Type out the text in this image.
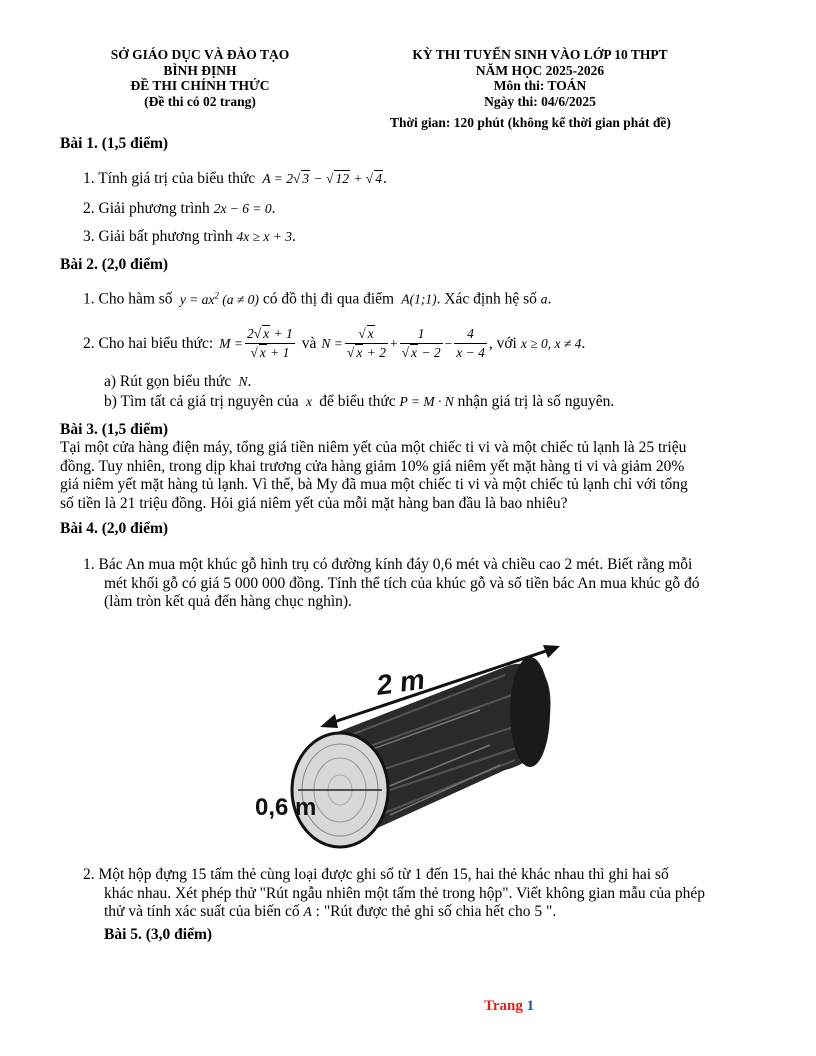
SỞ GIÁO DỤC VÀ ĐÀO TẠO
BÌNH ĐỊNH
ĐỀ THI CHÍNH THỨC
(Đề thi có 02 trang)
KỲ THI TUYỂN SINH VÀO LỚP 10 THPT
NĂM HỌC 2025-2026
Môn thi: TOÁN
Ngày thi: 04/6/2025
Thời gian: 120 phút (không kể thời gian phát đề)
Bài 1. (1,5 điểm)
1. Tính giá trị của biểu thức  A = 2√ 3 − √ 12 + √ 4.
2. Giải phương trình 2x − 6 = 0.
3. Giải bất phương trình 4x ≥ x + 3.
Bài 2. (2,0 điểm)
1. Cho hàm số  $y = ax^2$ (a ≠ 0) có đồ thị đi qua điểm  A(1;1). Xác định hệ số a.
2. Cho hai biểu thức: $M = \frac{2√ x + 1}{√ x + 1}$ và $N = \frac{√ x}{√ x + 2} + \frac{1}{√ x - 2} - \frac{4}{x - 4}$ , với x ≥ 0, x ≠ 4 .
a) Rút gọn biểu thức  N.
b) Tìm tất cả giá trị nguyên của  x  để biểu thức P = M · N nhận giá trị là số nguyên.
Bài 3. (1,5 điểm)
Tại một cửa hàng điện máy, tổng giá tiền niêm yết của một chiếc ti vi và một chiếc tủ lạnh là 25 triệu
đồng. Tuy nhiên, trong dịp khai trương cửa hàng giảm 10% giá niêm yết mặt hàng ti vi và giảm 20%
giá niêm yết mặt hàng tủ lạnh. Vì thế, bà My đã mua một chiếc ti vi và một chiếc tủ lạnh chỉ với tổng
số tiền là 21 triệu đồng. Hỏi giá niêm yết của mỗi mặt hàng ban đầu là bao nhiêu?
Bài 4. (2,0 điểm)
1. Bác An mua một khúc gỗ hình trụ có đường kính đáy 0,6 mét và chiều cao 2 mét. Biết rằng mỗi
mét khối gỗ có giá 5 000 000 đồng. Tính thể tích của khúc gỗ và số tiền bác An mua khúc gỗ đó
(làm tròn kết quả đến hàng chục nghìn).
2 m
0,6 m
2. Một hộp đựng 15 tấm thẻ cùng loại được ghi số từ 1 đến 15, hai thẻ khác nhau thì ghi hai số
khác nhau. Xét phép thử "Rút ngẫu nhiên một tấm thẻ trong hộp". Viết không gian mẫu của phép
thử và tính xác suất của biến cố A : "Rút được thẻ ghi số chia hết cho 5 ".
Bài 5. (3,0 điểm)
Trang 1
